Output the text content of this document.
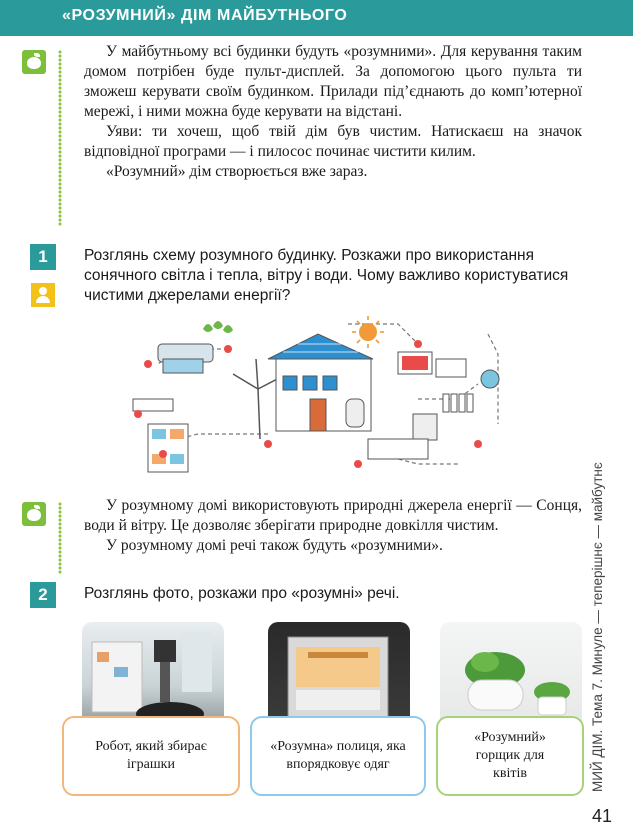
«РОЗУМНИЙ» ДІМ МАЙБУТНЬОГО

У майбутньому всі будинки будуть «розумними». Для керування таким домом потрібен буде пульт-дисплей. За допомогою цього пульта ти зможеш керувати своїм будинком. Прилади під’єднають до комп’ютерної мережі, і ними можна буде керувати на відстані.

Уяви: ти хочеш, щоб твій дім був чистим. Натискаєш на значок відповідної програми — і пилосос починає чистити килим.

«Розумний» дім створюється вже зараз.

1	Розглянь схему розумного будинку. Розкажи про використання сонячного світла і тепла, вітру і води. Чому важливо користуватися чистими джерелами енергії?

У розумному домі використовують природні джерела енергії — Сонця, води й вітру. Це дозволяє зберігати природне довкілля чистим.

У розумному домі речі також будуть «розумними».

2	Розглянь фото, розкажи про «розумні» речі.

Робот, який збирає іграшки
«Розумна» полиця, яка впорядковує одяг
«Розумний» горщик для квітів	МИЙ ДІМ. Тема 7. Минуле — теперішнє — майбутнє
41
